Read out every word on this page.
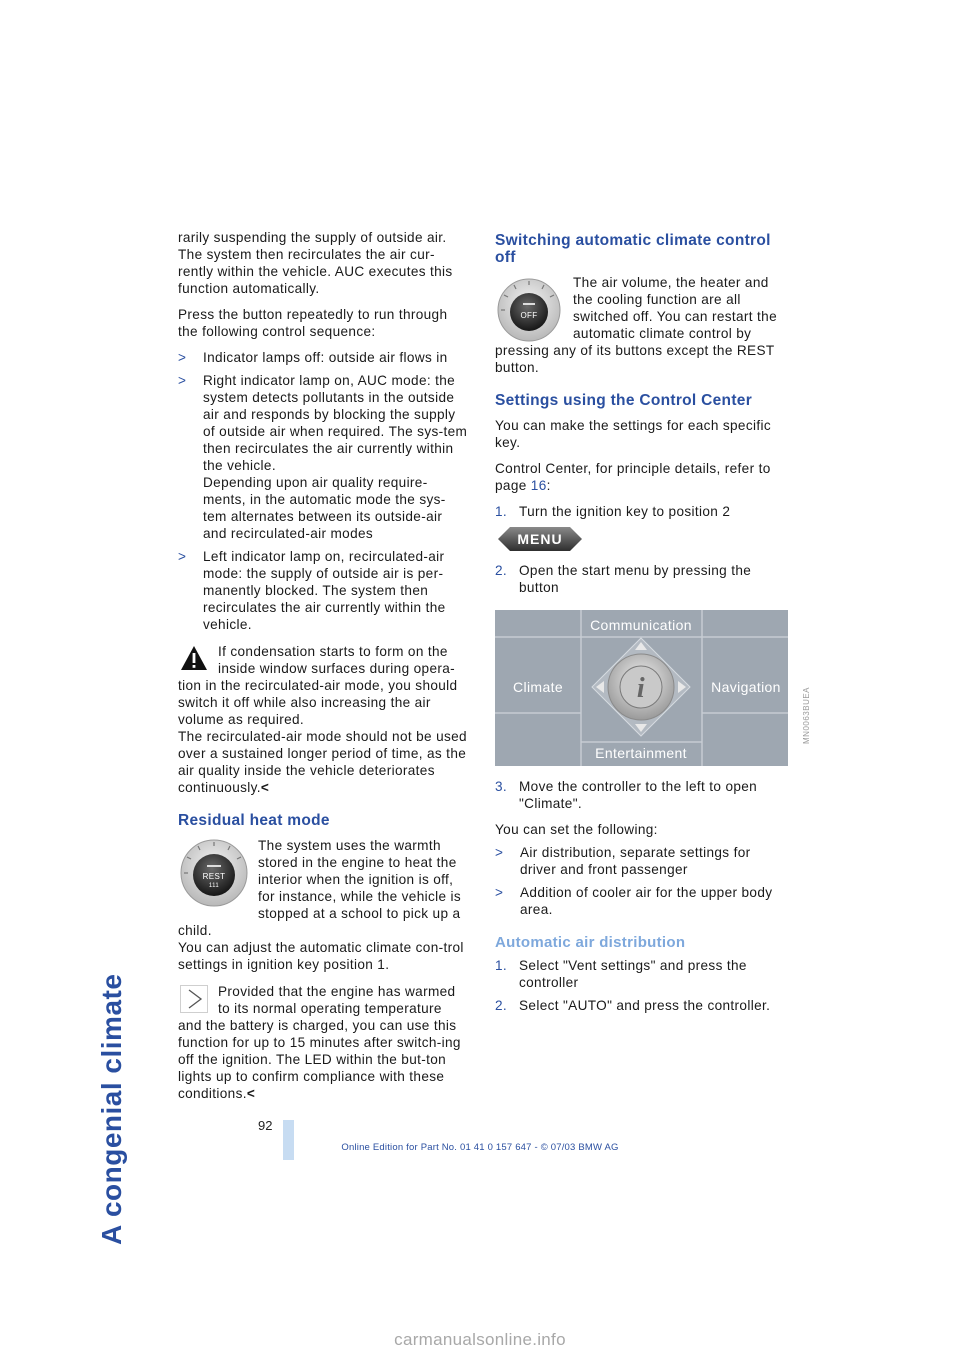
A congenial climate

rarily suspending the supply of outside air. The system then recirculates the air cur-rently within the vehicle. AUC executes this function automatically.

Press the button repeatedly to run through the following control sequence:

> Indicator lamps off: outside air flows in
> Right indicator lamp on, AUC mode: the system detects pollutants in the outside air and responds by blocking the supply of outside air when required. The sys-tem then recirculates the air currently within the vehicle.
Depending upon air quality require-ments, in the automatic mode the sys-tem alternates between its outside-air and recirculated-air modes
> Left indicator lamp on, recirculated-air mode: the supply of outside air is per-manently blocked. The system then recirculates the air currently within the vehicle.
If condensation starts to form on the inside window surfaces during opera-tion in the recirculated-air mode, you should switch it off while also increasing the air volume as required.
The recirculated-air mode should not be used over a sustained longer period of time, as the air quality inside the vehicle deteriorates continuously.<
Residual heat mode
REST
111
The system uses the warmth stored in the engine to heat the interior when the ignition is off, for instance, while the vehicle is stopped at a school to pick up a child.
You can adjust the automatic climate con-trol settings in ignition key position 1.
Provided that the engine has warmed to its normal operating temperature and the battery is charged, you can use this function for up to 15 minutes after switch-ing off the ignition. The LED within the but-ton lights up to confirm compliance with these conditions.<
Switching automatic climate control off
OFF
The air volume, the heater and the cooling function are all switched off. You can restart the automatic climate control by pressing any of its buttons except the REST button.
Settings using the Control Center

You can make the settings for each specific key.

Control Center, for principle details, refer to page 16:

1. Turn the ignition key to position 2
MENU
2. Open the start menu by pressing the button
Communication
Climate	Navigation
Entertainment
i
3. Move the controller to the left to open "Climate".

You can set the following:

> Air distribution, separate settings for driver and front passenger
> Addition of cooler air for the upper body area.
Automatic air distribution
1. Select "Vent settings" and press the controller
2. Select "AUTO" and press the controller.
MN0063BUEA
92
Online Edition for Part No. 01 41 0 157 647 - © 07/03 BMW AG
carmanualsonline.info
